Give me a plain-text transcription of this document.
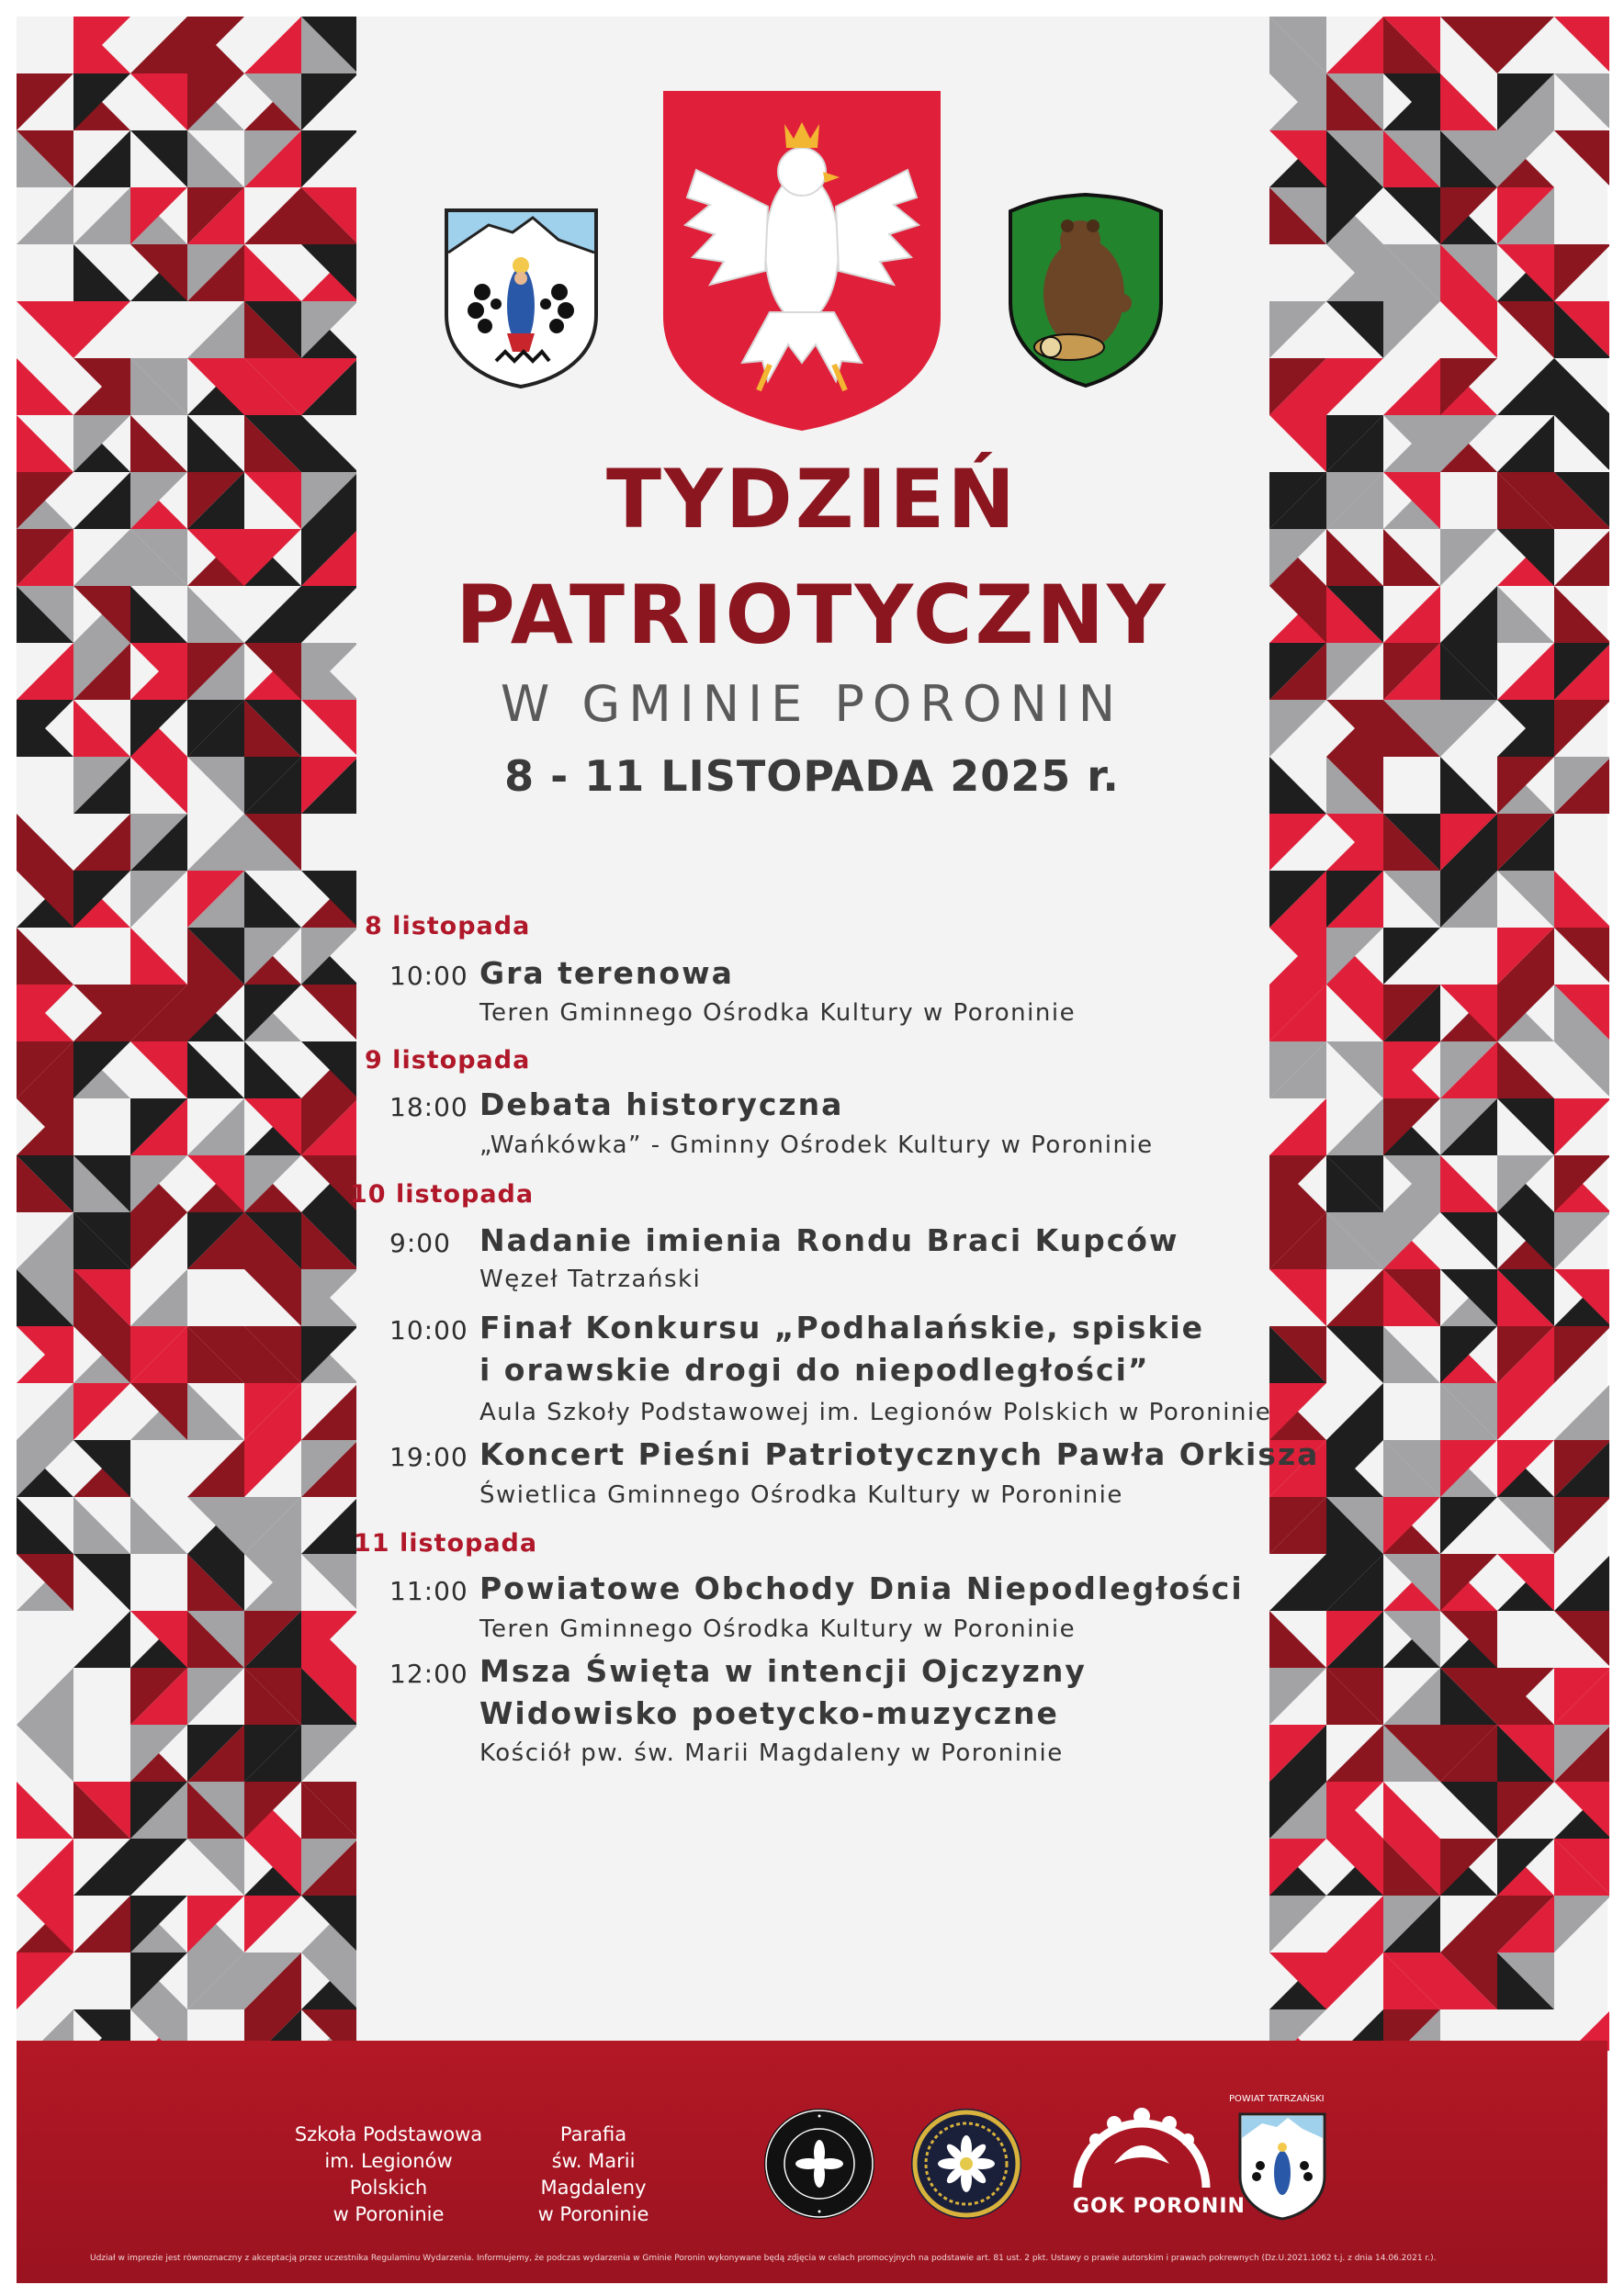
TYDZIEŃ
PATRIOTYCZNY
W GMINIE PORONIN
8 - 11 LISTOPADA 2025 r.
8 listopada
10:00 Gra terenowa
Teren Gminnego Ośrodka Kultury w Poroninie
9 listopada
18:00 Debata historyczna
„Wańkówka” - Gminny Ośrodek Kultury w Poroninie
10 listopada
9:00 Nadanie imienia Rondu Braci Kupców
Węzeł Tatrzański
10:00 Finał Konkursu „Podhalańskie, spiskie
i orawskie drogi do niepodległości”
Aula Szkoły Podstawowej im. Legionów Polskich w Poroninie
19:00 Koncert Pieśni Patriotycznych Pawła Orkisza
Świetlica Gminnego Ośrodka Kultury w Poroninie
11 listopada
11:00 Powiatowe Obchody Dnia Niepodległości
Teren Gminnego Ośrodka Kultury w Poroninie
12:00 Msza Święta w intencji Ojczyzny
Widowisko poetycko-muzyczne
Kościół pw. św. Marii Magdaleny w Poroninie
Szkoła Podstawowa
im. Legionów Polskich
w Poroninie
Parafia
św. Marii Magdaleny
w Poroninie	GOK PORONIN
POWIAT TATRZAŃSKI
Udział w imprezie jest równoznaczny z akceptacją przez uczestnika Regulaminu Wydarzenia. Informujemy, że podczas wydarzenia w Gminie Poronin wykonywane będą zdjęcia w celach promocyjnych na podstawie art. 81 ust. 2 pkt. Ustawy o prawie autorskim i prawach pokrewnych (Dz.U.2021.1062 t.j. z dnia 14.06.2021 r.).
